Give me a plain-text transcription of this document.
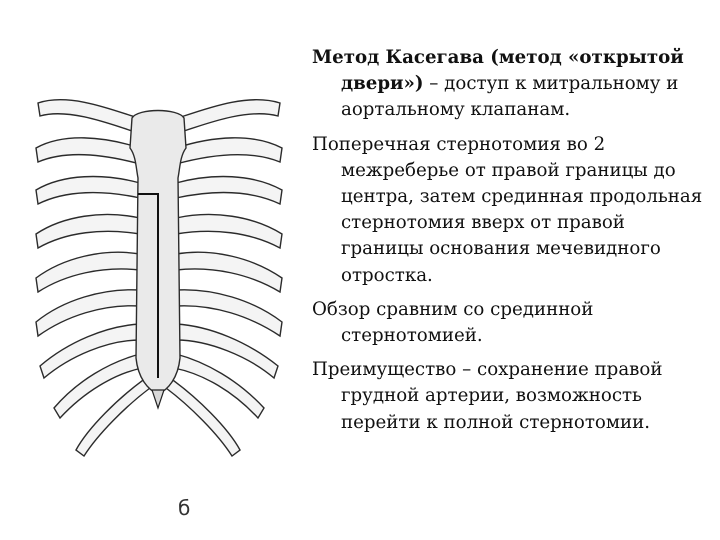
б

Метод Касегава (метод «открытой двери») – доступ к митральному и аортальному клапанам.

Поперечная стернотомия во 2 межреберье от правой границы до центра, затем срединная продольная стернотомия вверх от правой границы основания мечевидного отростка.

Обзор сравним со срединной стернотомией.

Преимущество – сохранение правой грудной артерии, возможность перейти к полной стернотомии.
